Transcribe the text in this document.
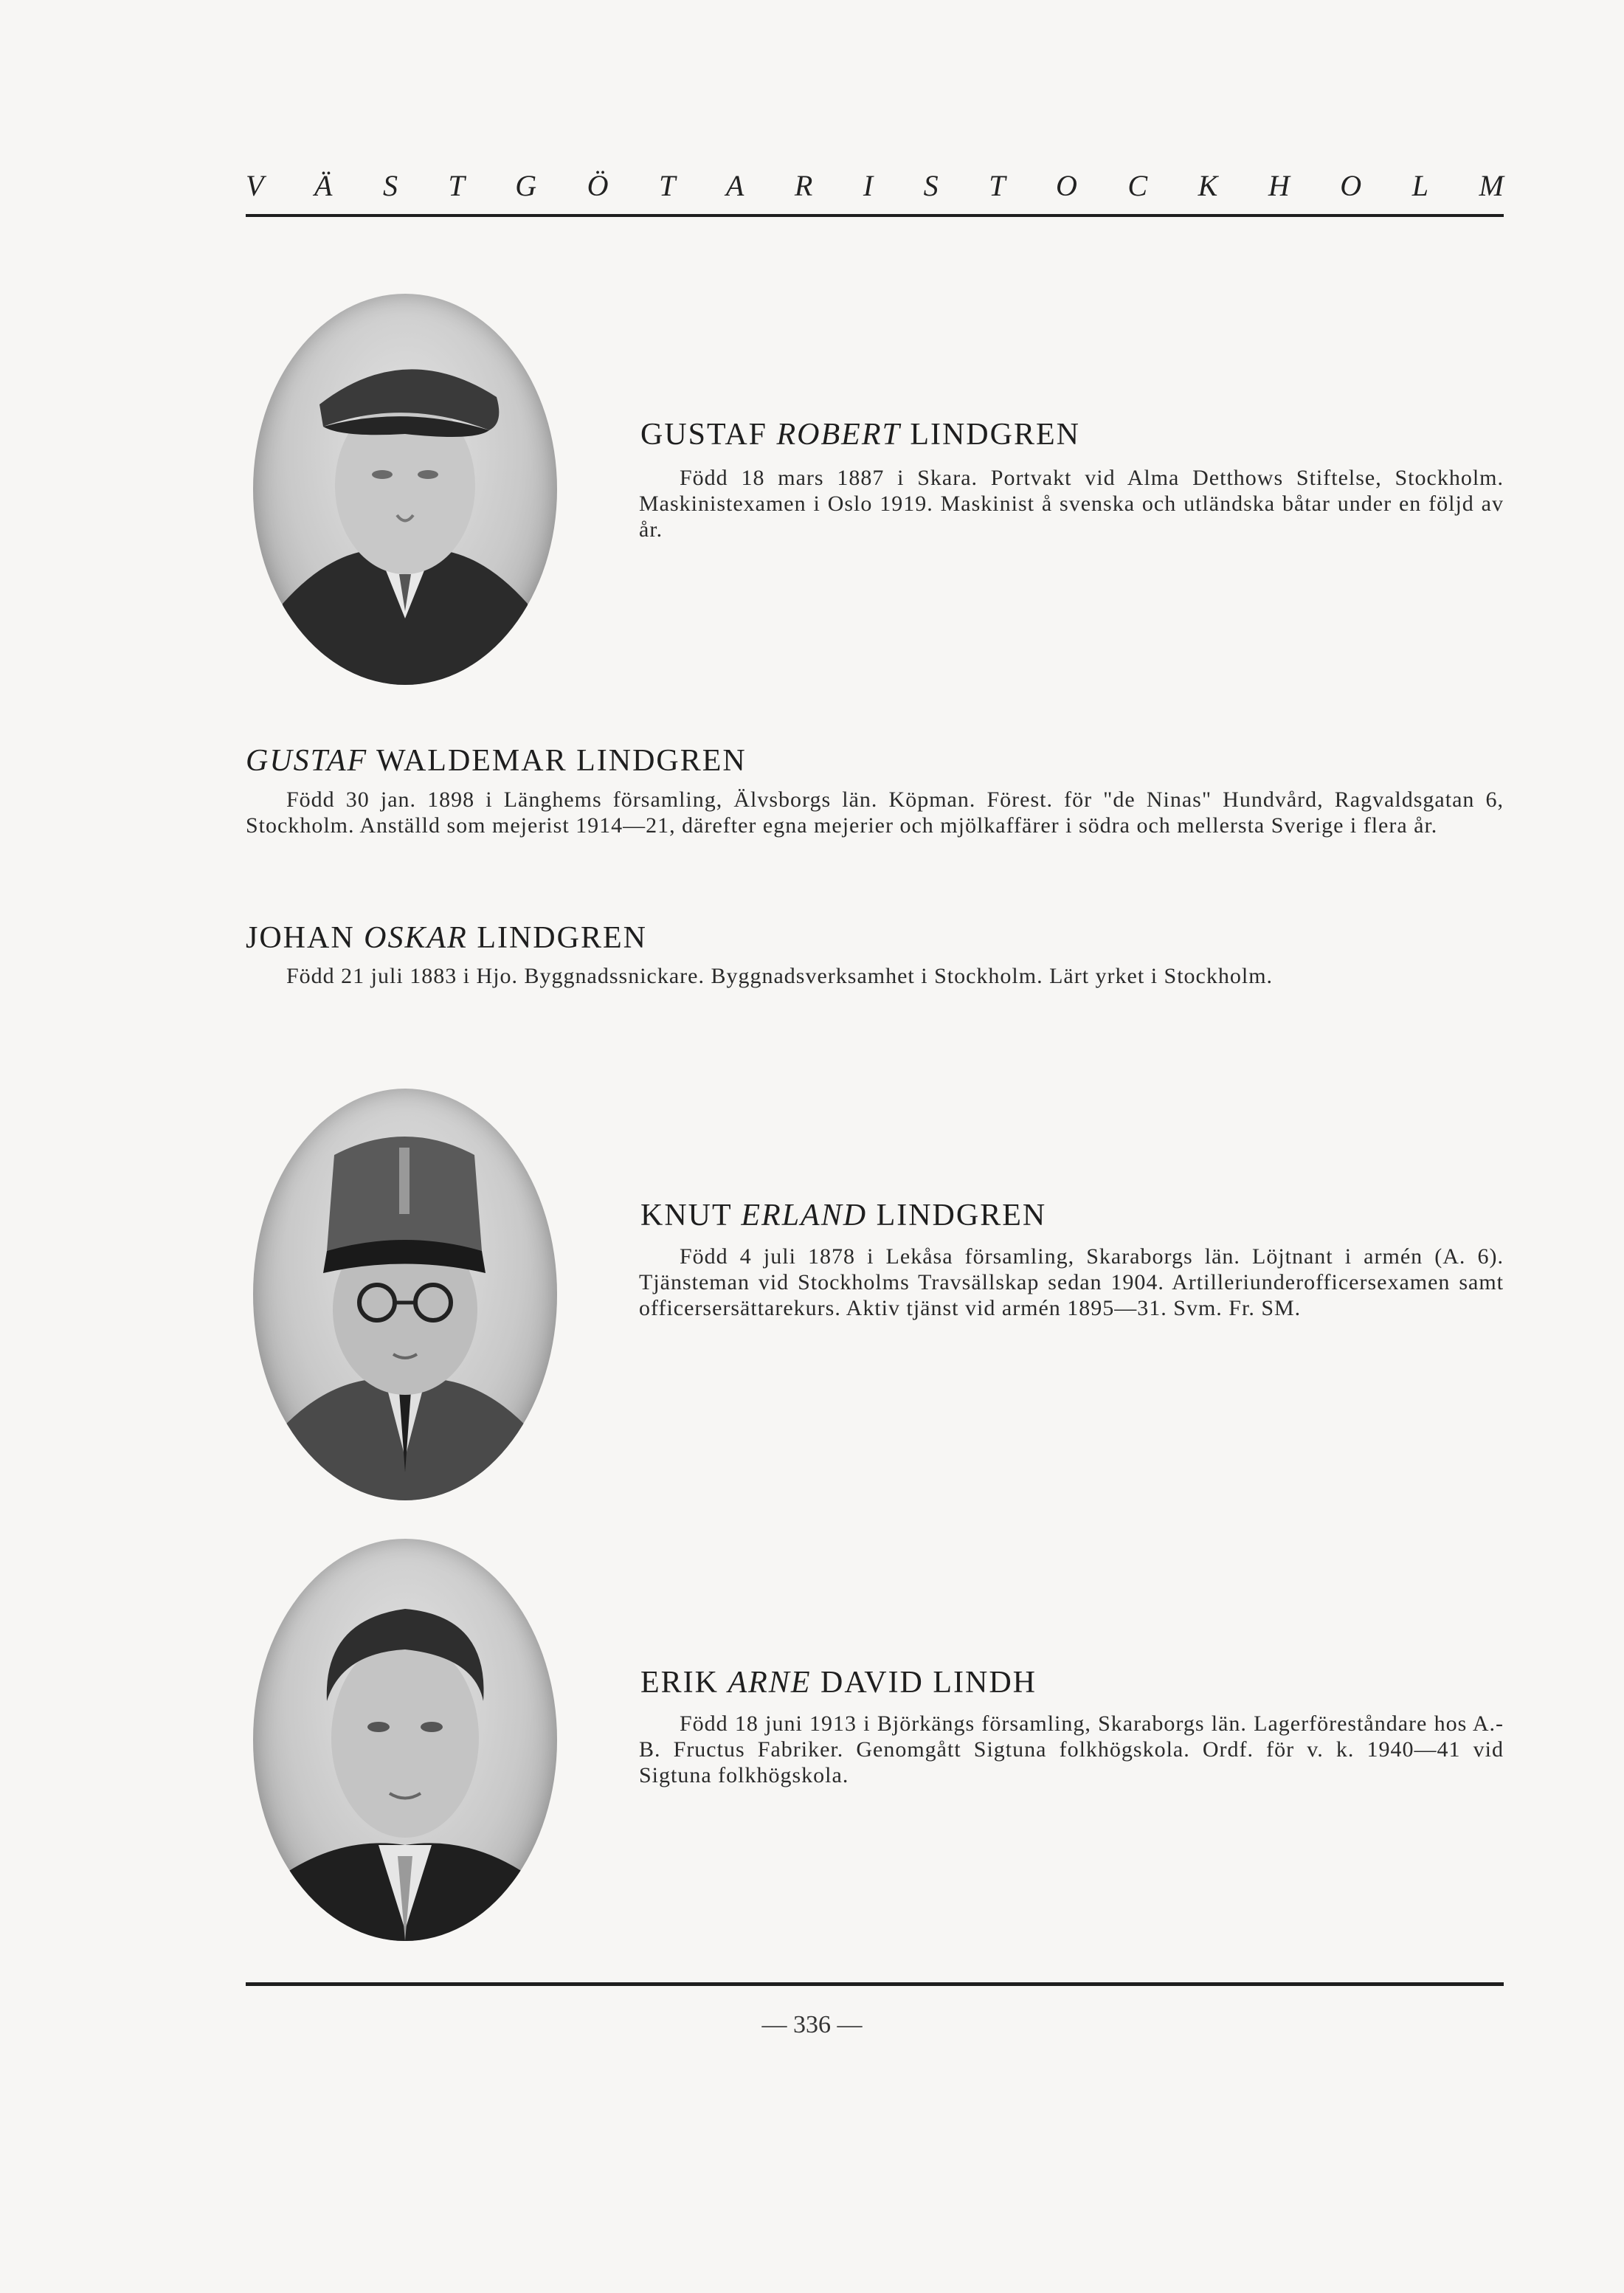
V Ä S T G Ö T A R I S T O C K H O L M
GUSTAF ROBERT LINDGREN
Född 18 mars 1887 i Skara. Portvakt vid Alma Detthows Stiftelse, Stockholm. Maskinistexamen i Oslo 1919. Maskinist å svenska och utländska båtar under en följd av år.
GUSTAF WALDEMAR LINDGREN
Född 30 jan. 1898 i Länghems församling, Älvsborgs län. Köpman. Förest. för "de Ninas" Hundvård, Ragvaldsgatan 6, Stockholm. Anställd som mejerist 1914—21, därefter egna mejerier och mjölkaffärer i södra och mellersta Sverige i flera år.
JOHAN OSKAR LINDGREN
Född 21 juli 1883 i Hjo. Byggnadssnickare. Byggnadsverksamhet i Stockholm. Lärt yrket i Stockholm.
KNUT ERLAND LINDGREN
Född 4 juli 1878 i Lekåsa församling, Skaraborgs län. Löjtnant i armén (A. 6). Tjänsteman vid Stockholms Travsällskap sedan 1904. Artilleriunderofficersexamen samt officersersättarekurs. Aktiv tjänst vid armén 1895—31. Svm. Fr. SM.
ERIK ARNE DAVID LINDH
Född 18 juni 1913 i Björkängs församling, Skaraborgs län. Lagerföreståndare hos A.-B. Fructus Fabriker. Genomgått Sigtuna folkhögskola. Ordf. för v. k. 1940—41 vid Sigtuna folkhögskola.
— 336 —
